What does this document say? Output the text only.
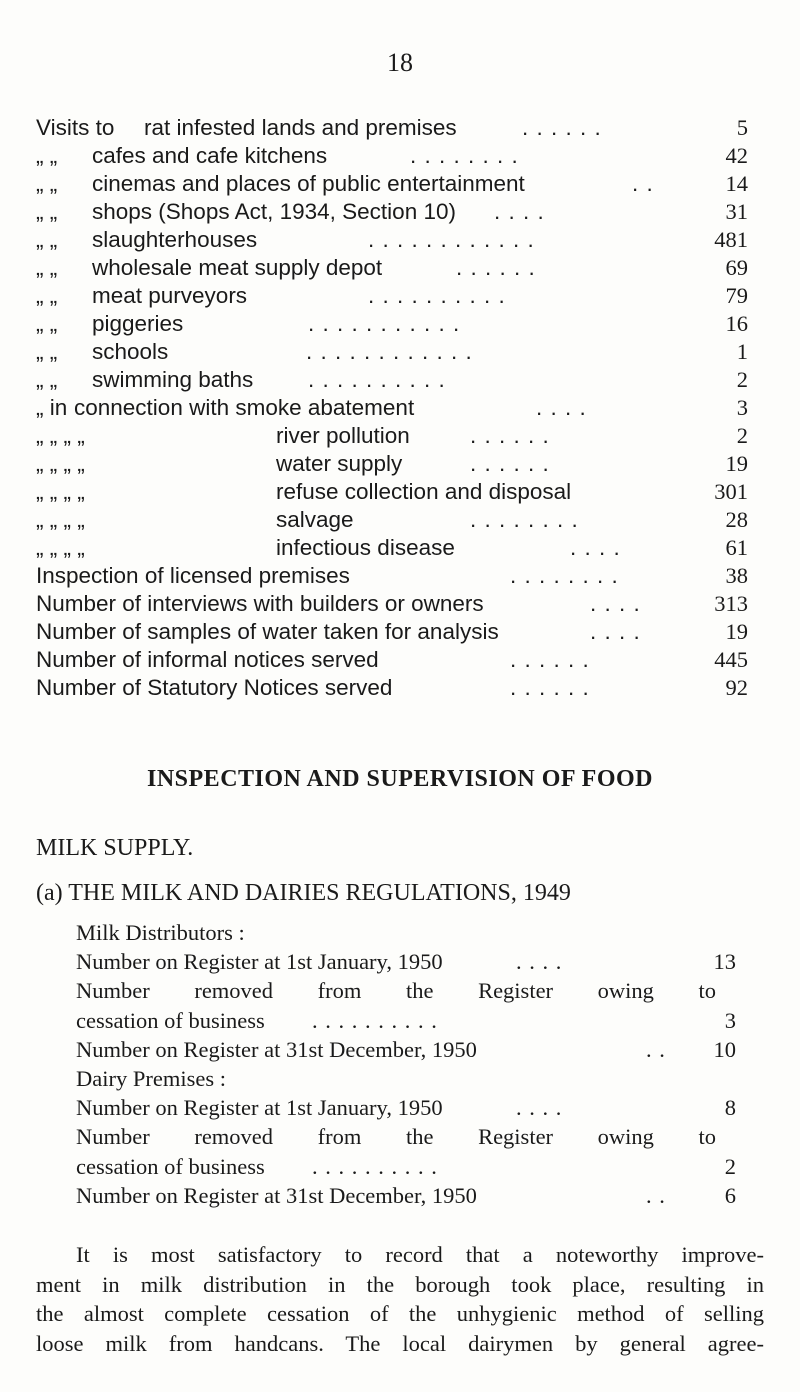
18
Visits to rat infested lands and premises	. . . . . .	5
„ „ cafes and cafe kitchens	. . . . . . . .	42
„ „ cinemas and places of public entertainment	. .	14
„ „ shops (Shops Act, 1934, Section 10) . . . .	31
„ „ slaughterhouses	. . . . . . . . . . . .	481
„ „ wholesale meat supply depot	. . . . . .	69
„ „ meat purveyors	. . . . . . . . . .	79
„ „ piggeries	. . . . . . . . . . .	16
„ „ schools	. . . . . . . . . . . .	1
„ „ swimming baths . . . . . . . . . .	2
„ in connection with smoke abatement	. . . .	3
„ „ „ „	river pollution	. . . . . .	2
„ „ „ „	water supply	. . . . . .	19
„ „ „ „	refuse collection and disposal	301
„ „ „ „	salvage	. . . . . . . .	28
„ „ „ „	infectious disease	. . . .	61
Inspection of licensed premises	. . . . . . . .	38
Number of interviews with builders or owners	. . . .	313
Number of samples of water taken for analysis	. . . .	19
Number of informal notices served	. . . . . .	445
Number of Statutory Notices served	. . . . . .	92
INSPECTION AND SUPERVISION OF FOOD
MILK SUPPLY.
(a) THE MILK AND DAIRIES REGULATIONS, 1949
Milk Distributors :
Number on Register at 1st January, 1950	. . . .	13
Number removed from the Register owing to
cessation of business . . . . . . . . . .	3
Number on Register at 31st December, 1950	. . 10
Dairy Premises :
Number on Register at 1st January, 1950	. . . .	8
Number removed from the Register owing to
cessation of business . . . . . . . . . .	2
Number on Register at 31st December, 1950	. .	6
It is most satisfactory to record that a noteworthy improve-
ment in milk distribution in the borough took place, resulting in
the almost complete cessation of the unhygienic method of selling
loose milk from handcans. The local dairymen by general agree-
